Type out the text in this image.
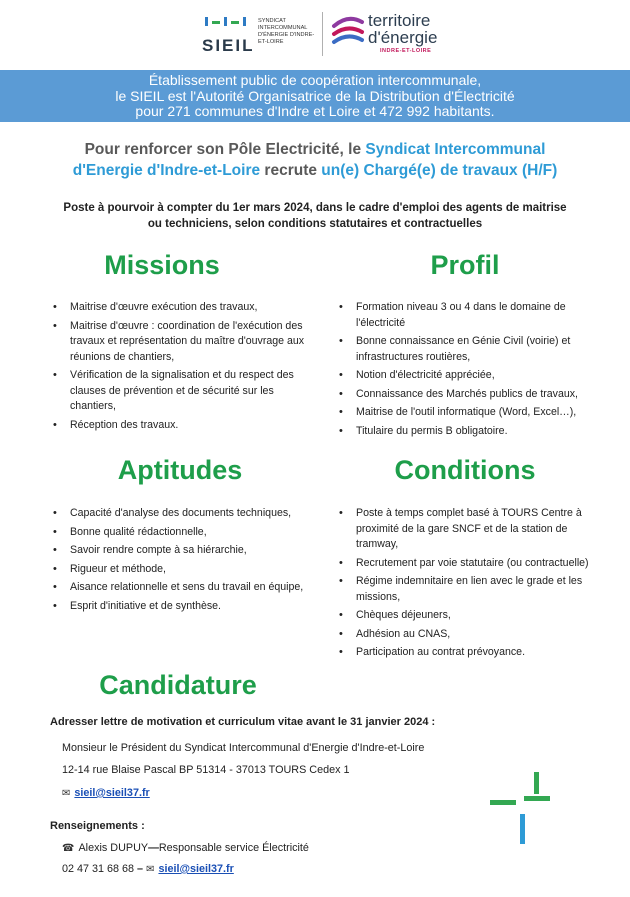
SIEIL
SYNDICAT INTERCOMMUNAL D'ÉNERGIE D'INDRE-ET-LOIRE
territoire
d'énergie
INDRE-ET-LOIRE
Établissement public de coopération intercommunale,
le SIEIL est l'Autorité Organisatrice de la Distribution d'Électricité
pour 271 communes d'Indre et Loire et 472 992 habitants.
Pour renforcer son Pôle Electricité, le Syndicat Intercommunal
d'Energie d'Indre-et-Loire recrute un(e) Chargé(e) de travaux (H/F)
Poste à pourvoir à compter du 1er mars 2024, dans le cadre d'emploi des agents de maitrise
ou techniciens, selon conditions statutaires et contractuelles
Missions
• Maitrise d'œuvre exécution des travaux,
• Maitrise d'œuvre : coordination de l'exécution des travaux et représentation du maître d'ouvrage aux réunions de chantiers,
• Vérification de la signalisation et du respect des clauses de prévention et de sécurité sur les chantiers,
• Réception des travaux.
Profil
• Formation niveau 3 ou 4 dans le domaine de l'électricité
• Bonne connaissance en Génie Civil (voirie) et infrastructures routières,
• Notion d'électricité appréciée,
• Connaissance des Marchés publics de travaux,
• Maitrise de l'outil informatique (Word, Excel…),
• Titulaire du permis B obligatoire.
Aptitudes
• Capacité d'analyse des documents techniques,
• Bonne qualité rédactionnelle,
• Savoir rendre compte à sa hiérarchie,
• Rigueur et méthode,
• Aisance relationnelle et sens du travail en équipe,
• Esprit d'initiative et de synthèse.
Conditions
• Poste à temps complet basé à TOURS Centre à proximité de la gare SNCF et de la station de tramway,
• Recrutement par voie statutaire (ou contractuelle)
• Régime indemnitaire en lien avec le grade et les missions,
• Chèques déjeuners,
• Adhésion au CNAS,
• Participation au contrat prévoyance.
Candidature
Adresser lettre de motivation et curriculum vitae avant le 31 janvier 2024 :
Monsieur le Président du Syndicat Intercommunal d'Energie d'Indre-et-Loire
12-14 rue Blaise Pascal BP 51314 - 37013 TOURS Cedex 1
✉ sieil@sieil37.fr
Renseignements :
☎ Alexis DUPUY—Responsable service Électricité
02 47 31 68 68 – ✉ sieil@sieil37.fr
